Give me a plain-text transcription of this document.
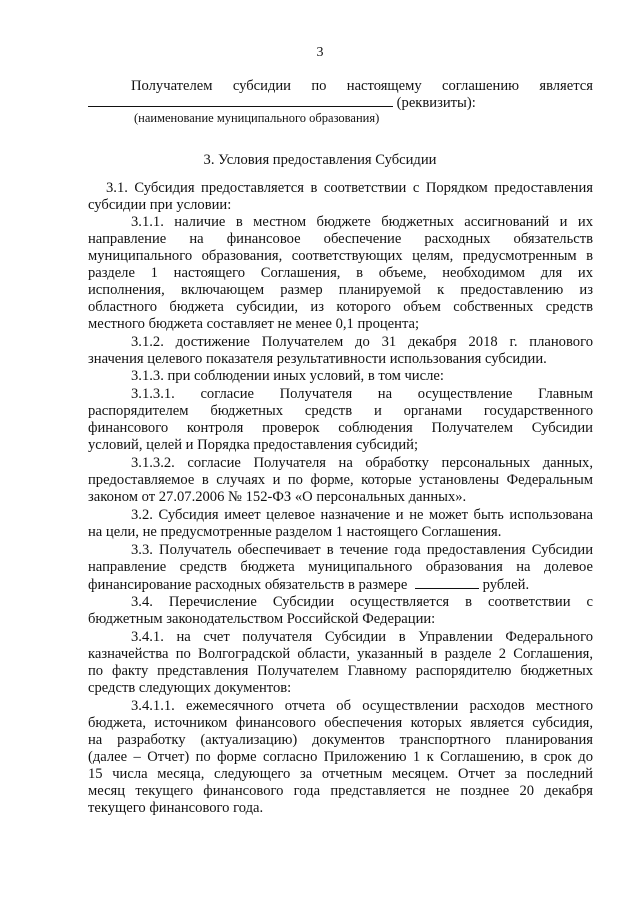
3
Получателем субсидии по настоящему соглашению является
(реквизиты):
(наименование муниципального образования)
3. Условия предоставления Субсидии
3.1. Субсидия предоставляется в соответствии с Порядком предоставления
субсидии при условии:
3.1.1. наличие в местном бюджете бюджетных ассигнований и их
направление на финансовое обеспечение расходных обязательств
муниципального образования, соответствующих целям, предусмотренным в
разделе 1 настоящего Соглашения, в объеме, необходимом для их
исполнения, включающем размер планируемой к предоставлению из
областного бюджета субсидии, из которого объем собственных средств
местного бюджета составляет не менее 0,1 процента;
3.1.2. достижение Получателем до 31 декабря 2018 г. планового
значения целевого показателя результативности использования субсидии.
3.1.3. при соблюдении иных условий, в том числе:
3.1.3.1. согласие Получателя на осуществление Главным
распорядителем бюджетных средств и органами государственного
финансового контроля проверок соблюдения Получателем Субсидии
условий, целей и Порядка предоставления субсидий;
3.1.3.2. согласие Получателя на обработку персональных данных,
предоставляемое в случаях и по форме, которые установлены Федеральным
законом от 27.07.2006 № 152-ФЗ «О персональных данных».
3.2. Субсидия имеет целевое назначение и не может быть использована
на цели, не предусмотренные разделом 1 настоящего Соглашения.
3.3. Получатель обеспечивает в течение года предоставления Субсидии
направление средств бюджета муниципального образования на долевое
финансирование расходных обязательств в размере	рублей.
3.4. Перечисление Субсидии осуществляется в соответствии с
бюджетным законодательством Российской Федерации:
3.4.1. на счет получателя Субсидии в Управлении Федерального
казначейства по Волгоградской области, указанный в разделе 2 Соглашения,
по факту представления Получателем Главному распорядителю бюджетных
средств следующих документов:
3.4.1.1. ежемесячного отчета об осуществлении расходов местного
бюджета, источником финансового обеспечения которых является субсидия,
на разработку (актуализацию) документов транспортного планирования
(далее – Отчет) по форме согласно Приложению 1 к Соглашению, в срок до
15 числа месяца, следующего за отчетным месяцем. Отчет за последний
месяц текущего финансового года представляется не позднее 20 декабря
текущего финансового года.
